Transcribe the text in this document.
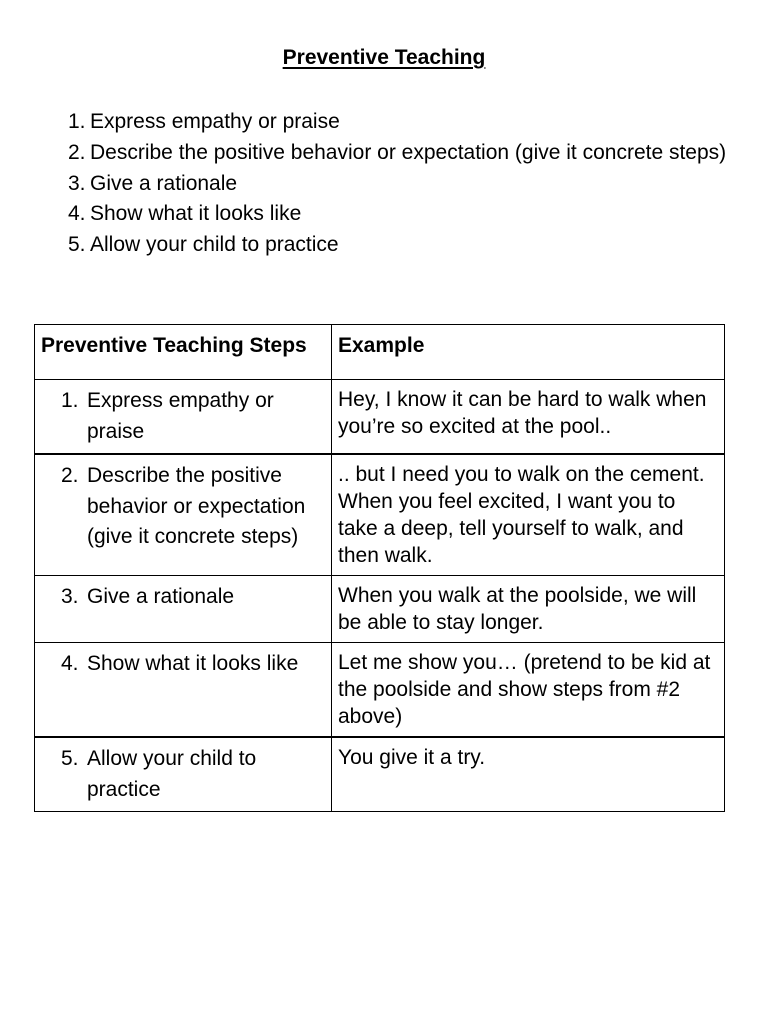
Preventive Teaching
1. Express empathy or praise
2. Describe the positive behavior or expectation (give it concrete steps)
3. Give a rationale
4. Show what it looks like
5. Allow your child to practice
Preventive Teaching Steps	Example

1. Express empathy or praise	Hey, I know it can be hard to walk when you’re so excited at the pool..

2. Describe the positive behavior or expectation (give it concrete steps)	.. but I need you to walk on the cement. When you feel excited, I want you to take a deep, tell yourself to walk, and then walk.

3. Give a rationale	When you walk at the poolside, we will be able to stay longer.

4. Show what it looks like	Let me show you… (pretend to be kid at the poolside and show steps from #2 above)

5. Allow your child to practice	You give it a try.
